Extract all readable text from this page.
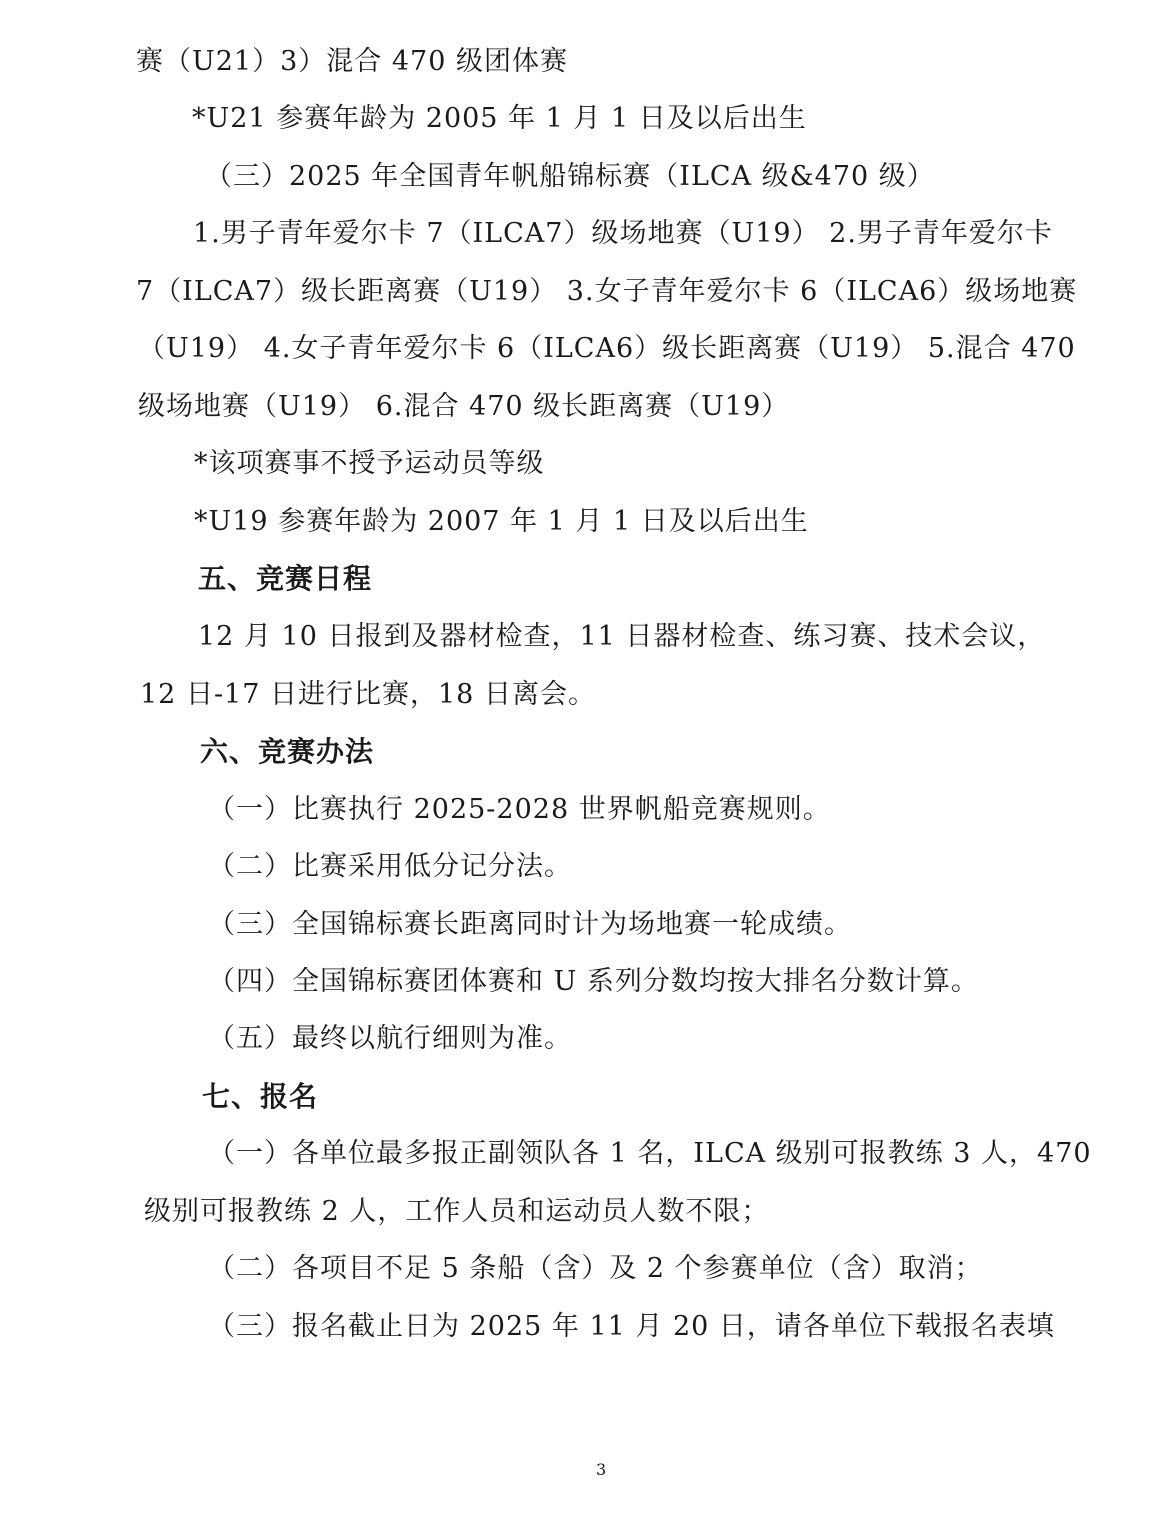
赛（U21）3）混合 470 级团体赛
*U21 参赛年龄为 2005 年 1 月 1 日及以后出生
（三）2025 年全国青年帆船锦标赛（ILCA 级&470 级）
1.男子青年爱尔卡 7（ILCA7）级场地赛（U19） 2.男子青年爱尔卡
7（ILCA7）级长距离赛（U19） 3.女子青年爱尔卡 6（ILCA6）级场地赛
（U19） 4.女子青年爱尔卡 6（ILCA6）级长距离赛（U19） 5.混合 470
级场地赛（U19） 6.混合 470 级长距离赛（U19）
*该项赛事不授予运动员等级
*U19 参赛年龄为 2007 年 1 月 1 日及以后出生
五、竞赛日程
12 月 10 日报到及器材检查，11 日器材检查、练习赛、技术会议，
12 日-17 日进行比赛，18 日离会。
六、竞赛办法
（一）比赛执行 2025-2028 世界帆船竞赛规则。
（二）比赛采用低分记分法。
（三）全国锦标赛长距离同时计为场地赛一轮成绩。
（四）全国锦标赛团体赛和 U 系列分数均按大排名分数计算。
（五）最终以航行细则为准。
七、报名
（一）各单位最多报正副领队各 1 名，ILCA 级别可报教练 3 人，470
级别可报教练 2 人，工作人员和运动员人数不限；
（二）各项目不足 5 条船（含）及 2 个参赛单位（含）取消；
（三）报名截止日为 2025 年 11 月 20 日，请各单位下载报名表填
3
